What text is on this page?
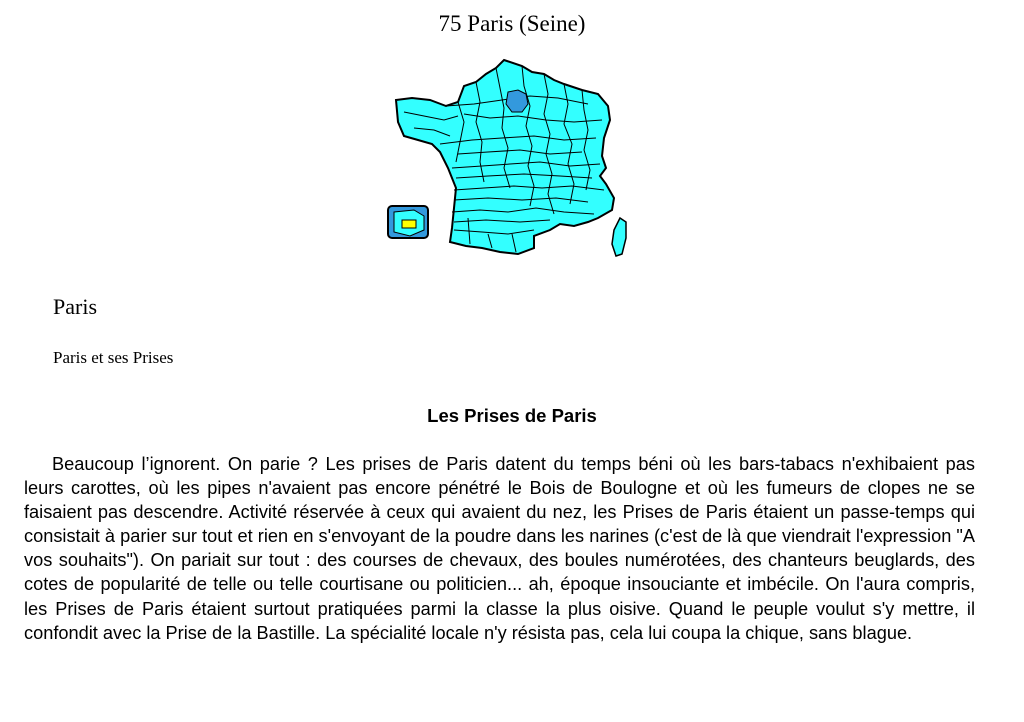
75 Paris (Seine)
Paris
Paris et ses Prises
Les Prises de Paris

Beaucoup l’ignorent. On parie ? Les prises de Paris datent du temps béni où les bars-tabacs n'exhibaient pas leurs carottes, où les pipes n'avaient pas encore pénétré le Bois de Boulogne et où les fumeurs de clopes ne se faisaient pas descendre. Activité réservée à ceux qui avaient du nez, les Prises de Paris étaient un passe-temps qui consistait à parier sur tout et rien en s'envoyant de la poudre dans les narines (c'est de là que viendrait l'expression "A vos souhaits"). On pariait sur tout : des courses de chevaux, des boules numérotées, des chanteurs beuglards, des cotes de popularité de telle ou telle courtisane ou politicien... ah, époque insouciante et imbécile. On l'aura compris, les Prises de Paris étaient surtout pratiquées parmi la classe la plus oisive. Quand le peuple voulut s'y mettre, il confondit avec la Prise de la Bastille. La spécialité locale n'y résista pas, cela lui coupa la chique, sans blague.
